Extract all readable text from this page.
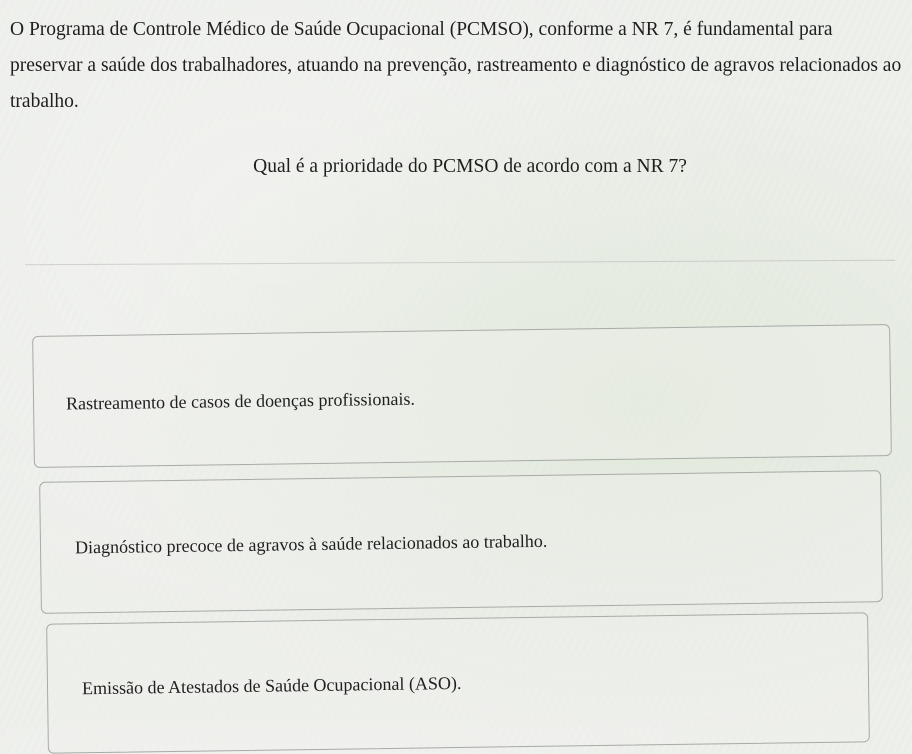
O Programa de Controle Médico de Saúde Ocupacional (PCMSO), conforme a NR 7, é fundamental para preservar a saúde dos trabalhadores, atuando na prevenção, rastreamento e diagnóstico de agravos relacionados ao trabalho.

Qual é a prioridade do PCMSO de acordo com a NR 7?

Rastreamento de casos de doenças profissionais.
Diagnóstico precoce de agravos à saúde relacionados ao trabalho.
Emissão de Atestados de Saúde Ocupacional (ASO).
